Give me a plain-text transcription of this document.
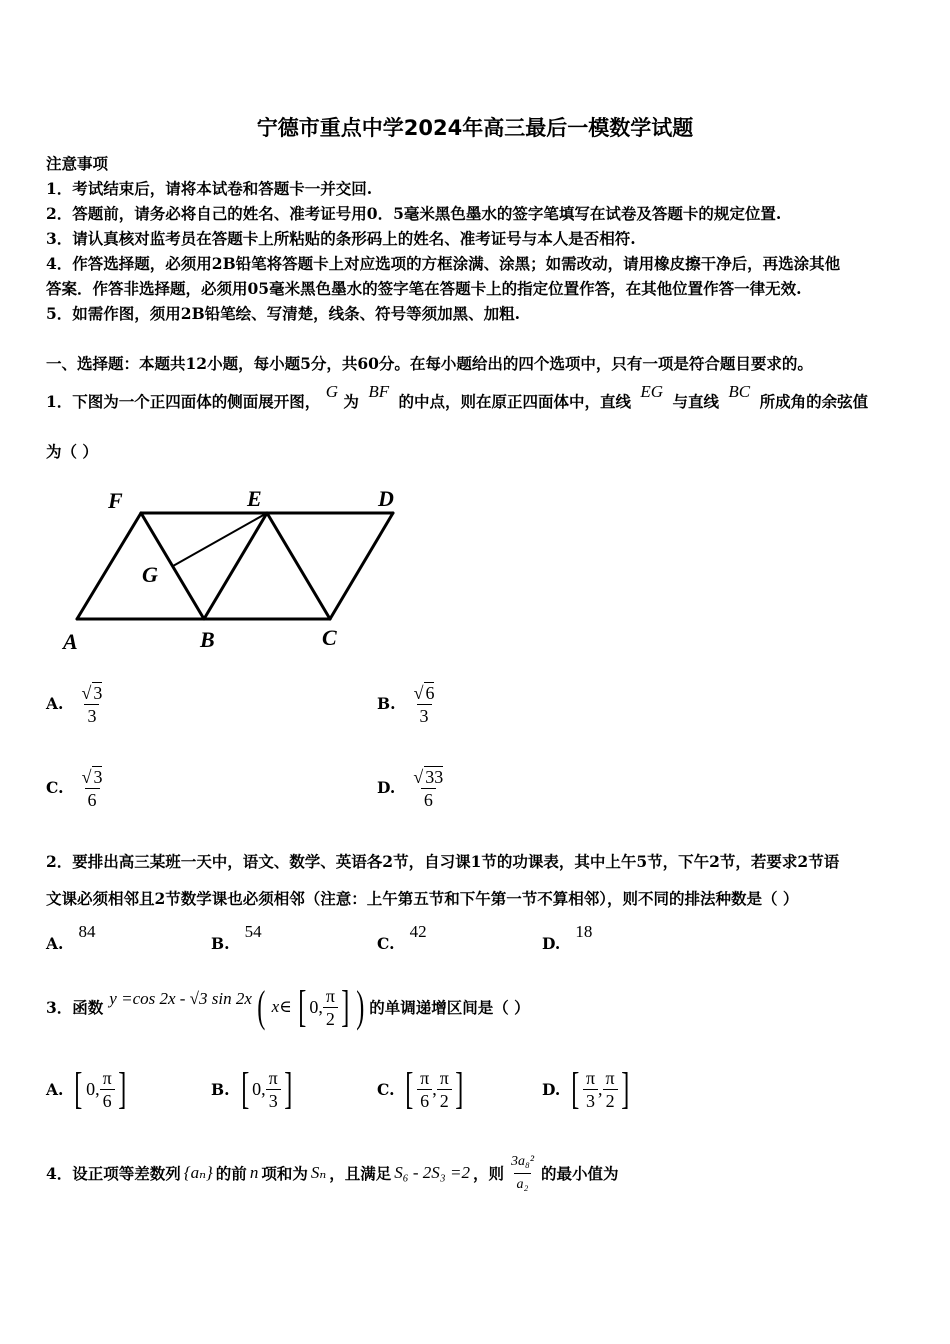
宁德市重点中学2024年高三最后一模数学试题
注意事项
1．考试结束后，请将本试卷和答题卡一并交回.
2．答题前，请务必将自己的姓名、准考证号用0．5毫米黑色墨水的签字笔填写在试卷及答题卡的规定位置.
3．请认真核对监考员在答题卡上所粘贴的条形码上的姓名、准考证号与本人是否相符.
4．作答选择题，必须用2B铅笔将答题卡上对应选项的方框涂满、涂黑；如需改动，请用橡皮擦干净后，再选涂其他
答案．作答非选择题，必须用05毫米黑色墨水的签字笔在答题卡上的指定位置作答，在其他位置作答一律无效.
5．如需作图，须用2B铅笔绘、写清楚，线条、符号等须加黑、加粗.
一、选择题：本题共12小题，每小题5分，共60分。在每小题给出的四个选项中，只有一项是符合题目要求的。
1．下图为一个正四面体的侧面展开图， G 为 BF 的中点，则在原正四面体中，直线 EG 与直线 BC 所成角的余弦值
为（ ）
F	E	D
G
A	B	C
A. $\frac{√ 3}{3}$	B. $\frac{√ 6}{3}$
C. $\frac{√ 3}{6}$	D. $\frac{√ 33}{6}$
2．要排出高三某班一天中，语文、数学、英语各2节，自习课1节的功课表，其中上午5节，下午2节，若要求2节语
文课必须相邻且2节数学课也必须相邻（注意：上午第五节和下午第一节不算相邻），则不同的排法种数是（ ）
A. 84
B. 54
C. 42
D. 18
3．函数 y =cos 2x - √3 sin 2x ( x∈ [ 0, $\frac{\pi}{2}$ ] ) 的单调递增区间是（ ）
A. [ 0, $\frac{\pi}{6}$ ]	B. [ 0, $\frac{\pi}{3}$ ]	C. [ $\frac{\pi}{6}$ , $\frac{\pi}{2}$ ]	D. [ $\frac{\pi}{3}$ , $\frac{\pi}{2}$ ]
4．设正项等差数列 {aₙ} 的前 n 项和为 Sₙ ，且满足 S₆ - 2S₃ =2 ，则 $\frac{\text{3a₈²}}{\text{a₂}}$ 的最小值为
